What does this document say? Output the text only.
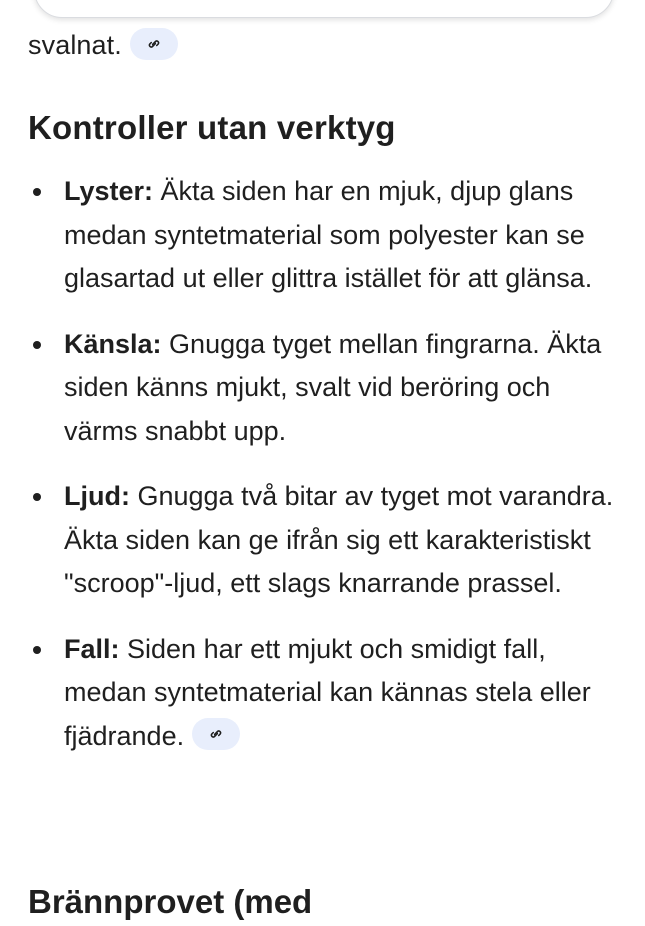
svalnat.
Kontroller utan verktyg
Lyster: Äkta siden har en mjuk, djup glans medan syntetmaterial som polyester kan se glasartad ut eller glittra istället för att glänsa.
Känsla: Gnugga tyget mellan fingrarna. Äkta siden känns mjukt, svalt vid beröring och värms snabbt upp.
Ljud: Gnugga två bitar av tyget mot varandra. Äkta siden kan ge ifrån sig ett karakteristiskt "scroop"-ljud, ett slags knarrande prassel.
Fall: Siden har ett mjukt och smidigt fall, medan syntetmaterial kan kännas stela eller fjädrande.
Brännprovet (med
